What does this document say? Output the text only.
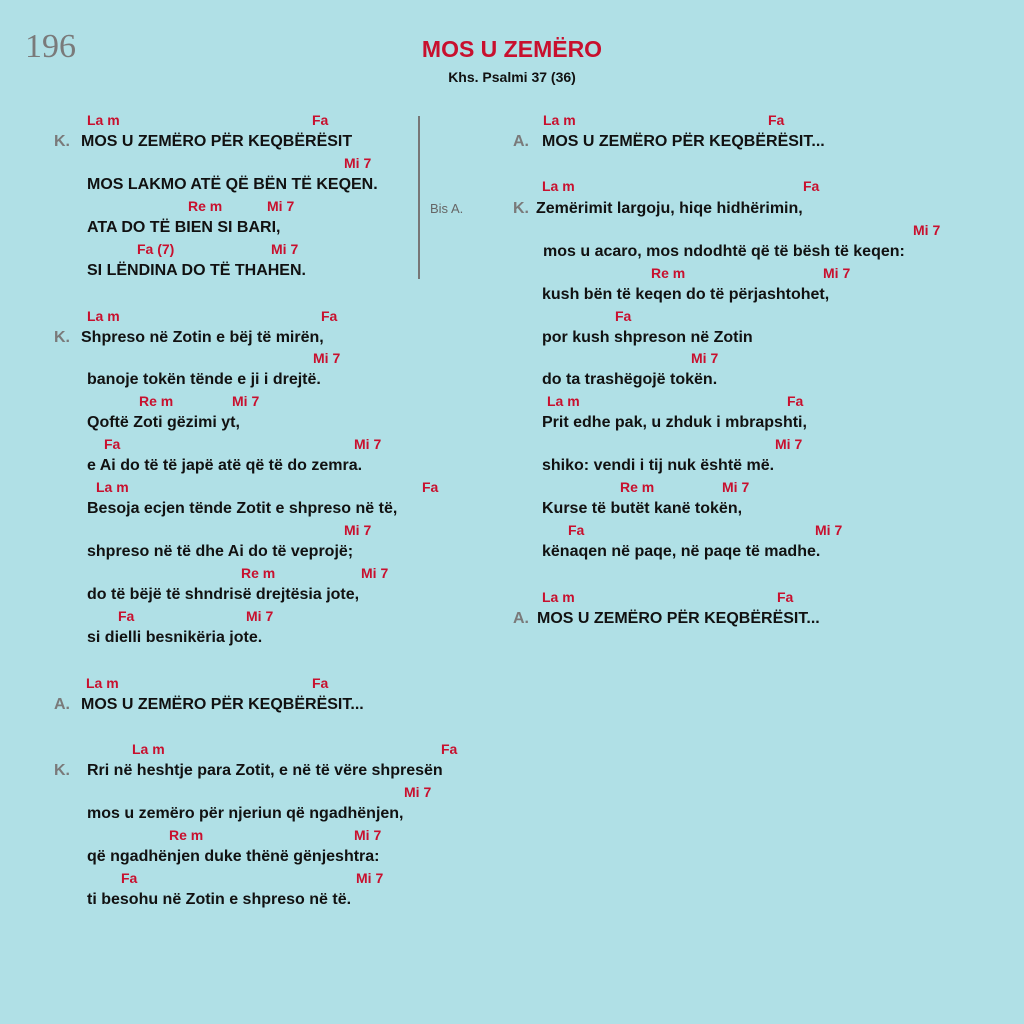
196	MOS U ZEMËRO
Khs. Psalmi 37 (36)
Bis A.
La m	Fa
K. MOS U ZEMËRO PËR KEQBËRËSIT
Mi 7
MOS LAKMO ATË QË BËN TË KEQEN.
Re m	Mi 7
ATA DO TË BIEN SI BARI,
Fa (7)	Mi 7
SI LËNDINA DO TË THAHEN.
La m	Fa
K. Shpreso në Zotin e bëj të mirën,
Mi 7
banoje tokën tënde e ji i drejtë.
Re m	Mi 7
Qoftë Zoti gëzimi yt,
Fa	Mi 7
e Ai do të të japë atë që të do zemra.
La m	Fa
Besoja ecjen tënde Zotit e shpreso në të,
Mi 7
shpreso në të dhe Ai do të veprojë;
Re m	Mi 7
do të bëjë të shndrisë drejtësia jote,
Fa	Mi 7
si dielli besnikëria jote.
La m	Fa
A. MOS U ZEMËRO PËR KEQBËRËSIT...
La m	Fa
K. Rri në heshtje para Zotit, e në të vëre shpresën
Mi 7
mos u zemëro për njeriun që ngadhënjen,
Re m	Mi 7
që ngadhënjen duke thënë gënjeshtra:
Fa	Mi 7
ti besohu në Zotin e shpreso në të.
La m	Fa
A. MOS U ZEMËRO PËR KEQBËRËSIT...
La m	Fa
K. Zemërimit largoju, hiqe hidhërimin,
Mi 7
mos u acaro, mos ndodhtë që të bësh të keqen:
Re m	Mi 7
kush bën të keqen do të përjashtohet,
Fa
por kush shpreson në Zotin
Mi 7
do ta trashëgojë tokën.
La m	Fa
Prit edhe pak, u zhduk i mbrapshti,
Mi 7
shiko: vendi i tij nuk është më.
Re m	Mi 7
Kurse të butët kanë tokën,
Fa	Mi 7
kënaqen në paqe, në paqe të madhe.
La m	Fa
A. MOS U ZEMËRO PËR KEQBËRËSIT...
